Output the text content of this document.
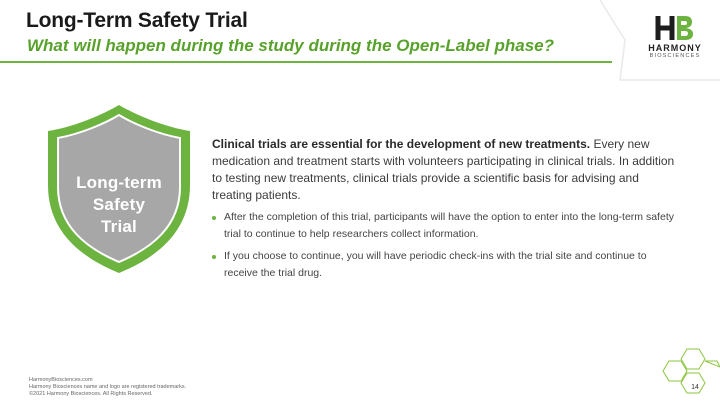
Long-Term Safety Trial
What will happen during the study during the Open-Label phase?	HARMONY
BIOSCIENCES
Long-term
Safety
Trial
Clinical trials are essential for the development of new treatments. Every new medication and treatment starts with volunteers participating in clinical trials. In addition to testing new treatments, clinical trials provide a scientific basis for advising and treating patients.
After the completion of this trial, participants will have the option to enter into the long-term safety trial to continue to help researchers collect information.
If you choose to continue, you will have periodic check-ins with the trial site and continue to receive the trial drug.
HarmonyBiosciences.com
Harmony Biosciences name and logo are registered trademarks.
©2021 Harmony Biosciences. All Rights Reserved.
14
